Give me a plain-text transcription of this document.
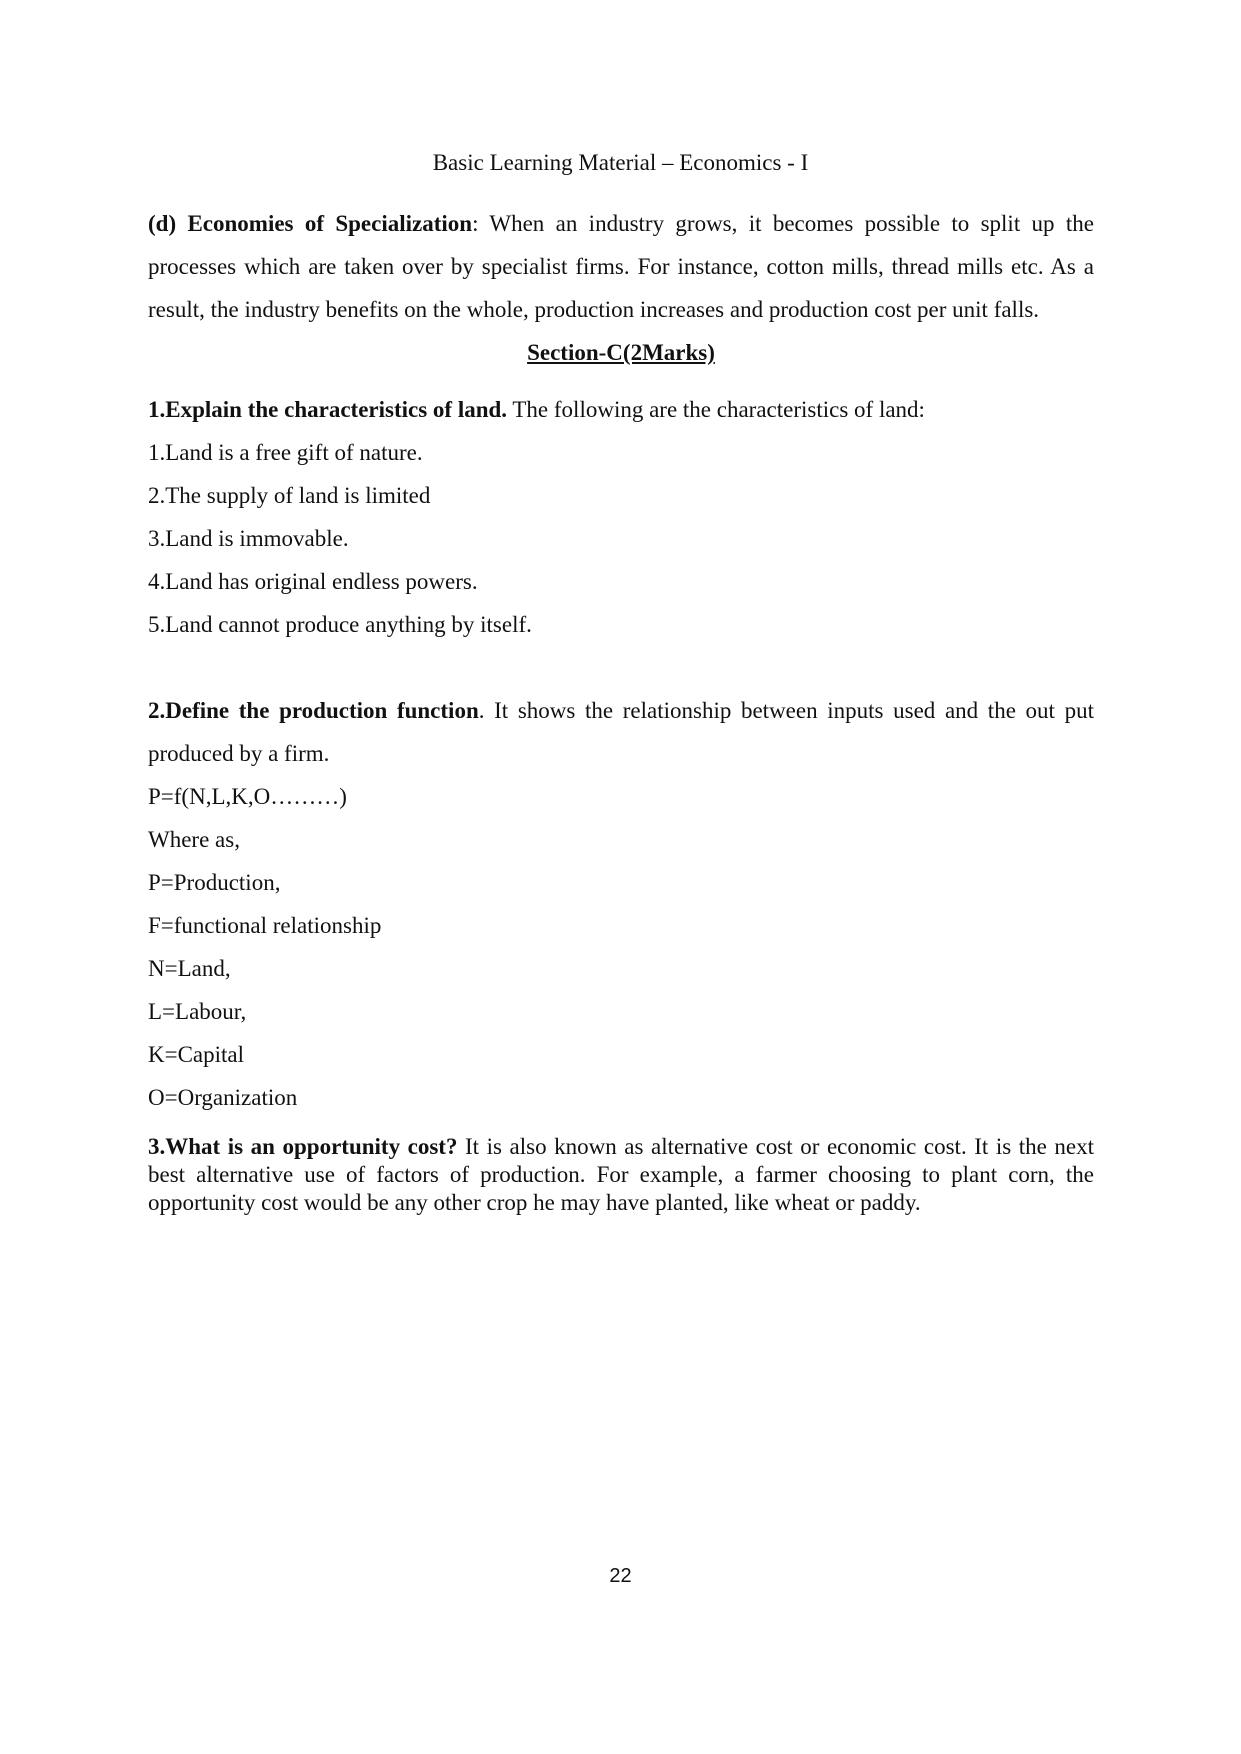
Basic Learning Material – Economics - I

(d) Economies of Specialization: When an industry grows, it becomes possible to split up the processes which are taken over by specialist firms. For instance, cotton mills, thread mills etc. As a result, the industry benefits on the whole, production increases and production cost per unit falls.

Section-C(2Marks)

1.Explain the characteristics of land. The following are the characteristics of land:

1.Land is a free gift of nature.

2.The supply of land is limited

3.Land is immovable.

4.Land has original endless powers.

5.Land cannot produce anything by itself.

2.Define the production function. It shows the relationship between inputs used and the out put produced by a firm.

P=f(N,L,K,O………)

Where as,

P=Production,

F=functional relationship

N=Land,

L=Labour,

K=Capital

O=Organization

3.What is an opportunity cost? It is also known as alternative cost or economic cost. It is the next best alternative use of factors of production. For example, a farmer choosing to plant corn, the opportunity cost would be any other crop he may have planted, like wheat or paddy.

22
